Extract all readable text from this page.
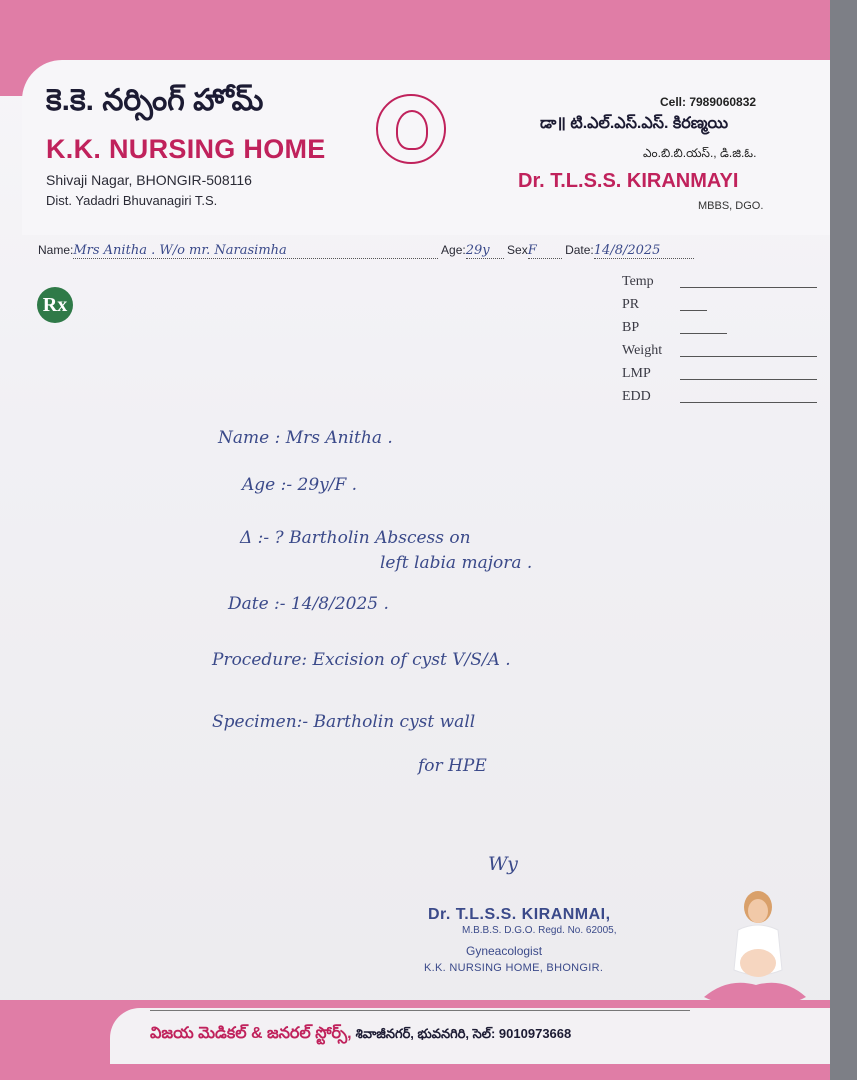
కె.కె. నర్సింగ్ హోమ్
K.K. NURSING HOME
Shivaji Nagar, BHONGIR-508116
Dist. Yadadri Bhuvanagiri T.S.
Cell: 7989060832
డా॥ టి.ఎల్.ఎస్.ఎస్. కిరణ్మయి
ఎం.బి.బి.యస్., డి.జి.ఓ.
Dr. T.L.S.S. KIRANMAYI
MBBS, DGO.
Name:Mrs Anitha . W/o mr. Narasimha	Age:29y SexF Date:14/8/2025
Rx
Temp
PR
BP
Weight
LMP
EDD
Name : Mrs Anitha .
Age :- 29y/F .
Δ :- ? Bartholin Abscess on
left labia majora .
Date :- 14/8/2025 .
Procedure: Excision of cyst V/S/A .
Specimen:- Bartholin cyst wall
for HPE
Wy
Dr. T.L.S.S. KIRANMAI,
M.B.B.S. D.G.O. Regd. No. 62005,
Gyneacologist
K.K. NURSING HOME, BHONGIR.
విజయ మెడికల్ & జనరల్ స్టోర్స్, శివాజీనగర్, భువనగిరి, సెల్: 9010973668
